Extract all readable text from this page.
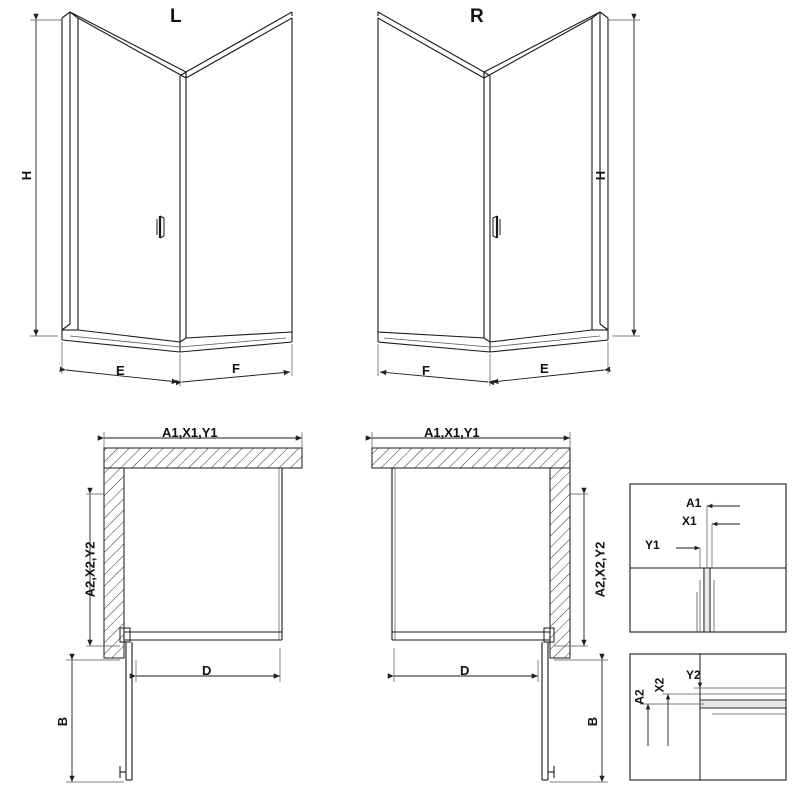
L	R
H	H
E	F	F	E
A1,X1,Y1	A1,X1,Y1
A2,X2,Y2	A2,X2,Y2
D	D
B	B
A1
X1
Y1
A2
X2
Y2
